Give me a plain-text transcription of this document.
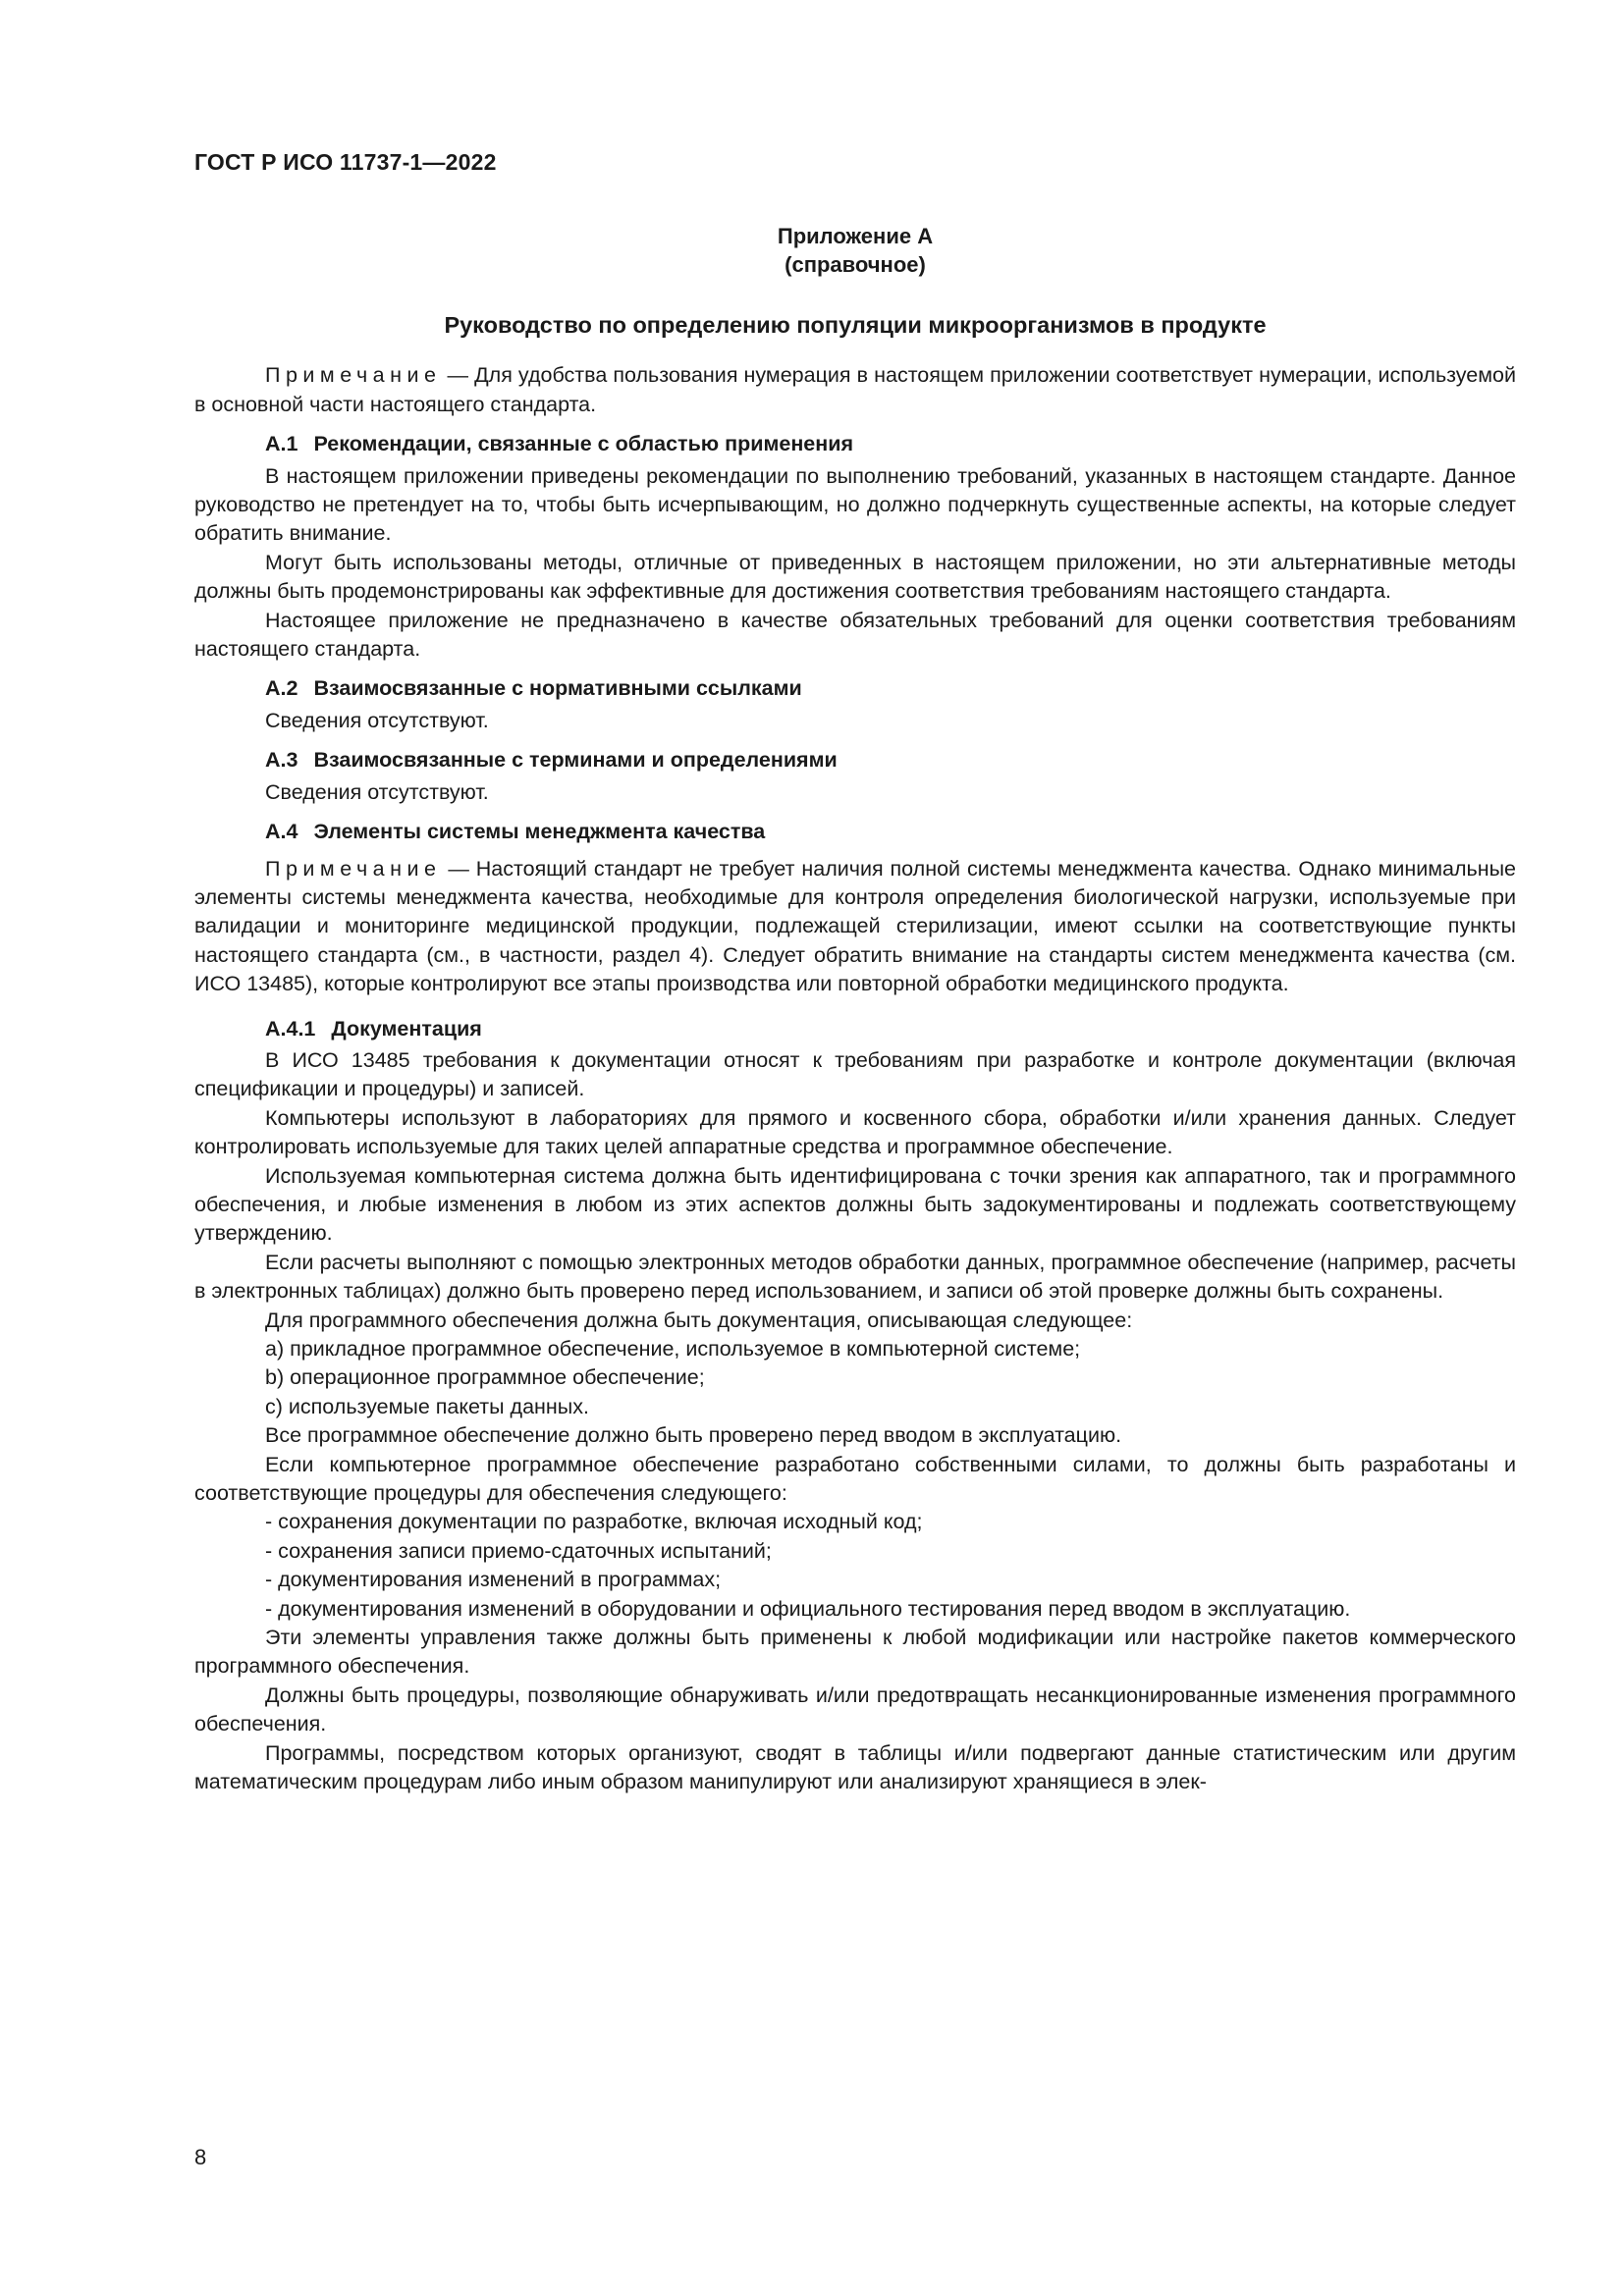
ГОСТ Р ИСО 11737-1—2022
Приложение А
(справочное)
Руководство по определению популяции микроорганизмов в продукте

Примечание — Для удобства пользования нумерация в настоящем приложении соответствует нумерации, используемой в основной части настоящего стандарта.

А.1 Рекомендации, связанные с областью применения

В настоящем приложении приведены рекомендации по выполнению требований, указанных в настоящем стандарте. Данное руководство не претендует на то, чтобы быть исчерпывающим, но должно подчеркнуть существенные аспекты, на которые следует обратить внимание.

Могут быть использованы методы, отличные от приведенных в настоящем приложении, но эти альтернативные методы должны быть продемонстрированы как эффективные для достижения соответствия требованиям настоящего стандарта.

Настоящее приложение не предназначено в качестве обязательных требований для оценки соответствия требованиям настоящего стандарта.

А.2 Взаимосвязанные с нормативными ссылками

Сведения отсутствуют.

А.3 Взаимосвязанные с терминами и определениями

Сведения отсутствуют.

А.4 Элементы системы менеджмента качества

Примечание — Настоящий стандарт не требует наличия полной системы менеджмента качества. Однако минимальные элементы системы менеджмента качества, необходимые для контроля определения биологической нагрузки, используемые при валидации и мониторинге медицинской продукции, подлежащей стерилизации, имеют ссылки на соответствующие пункты настоящего стандарта (см., в частности, раздел 4). Следует обратить внимание на стандарты систем менеджмента качества (см. ИСО 13485), которые контролируют все этапы производства или повторной обработки медицинского продукта.

А.4.1 Документация

В ИСО 13485 требования к документации относят к требованиям при разработке и контроле документации (включая спецификации и процедуры) и записей.

Компьютеры используют в лабораториях для прямого и косвенного сбора, обработки и/или хранения данных. Следует контролировать используемые для таких целей аппаратные средства и программное обеспечение.

Используемая компьютерная система должна быть идентифицирована с точки зрения как аппаратного, так и программного обеспечения, и любые изменения в любом из этих аспектов должны быть задокументированы и подлежать соответствующему утверждению.

Если расчеты выполняют с помощью электронных методов обработки данных, программное обеспечение (например, расчеты в электронных таблицах) должно быть проверено перед использованием, и записи об этой проверке должны быть сохранены.

Для программного обеспечения должна быть документация, описывающая следующее:

a) прикладное программное обеспечение, используемое в компьютерной системе;

b) операционное программное обеспечение;

c) используемые пакеты данных.

Все программное обеспечение должно быть проверено перед вводом в эксплуатацию.

Если компьютерное программное обеспечение разработано собственными силами, то должны быть разработаны и соответствующие процедуры для обеспечения следующего:

- сохранения документации по разработке, включая исходный код;

- сохранения записи приемо-сдаточных испытаний;

- документирования изменений в программах;

- документирования изменений в оборудовании и официального тестирования перед вводом в эксплуатацию.

Эти элементы управления также должны быть применены к любой модификации или настройке пакетов коммерческого программного обеспечения.

Должны быть процедуры, позволяющие обнаруживать и/или предотвращать несанкционированные изменения программного обеспечения.

Программы, посредством которых организуют, сводят в таблицы и/или подвергают данные статистическим или другим математическим процедурам либо иным образом манипулируют или анализируют хранящиеся в элек-

8
